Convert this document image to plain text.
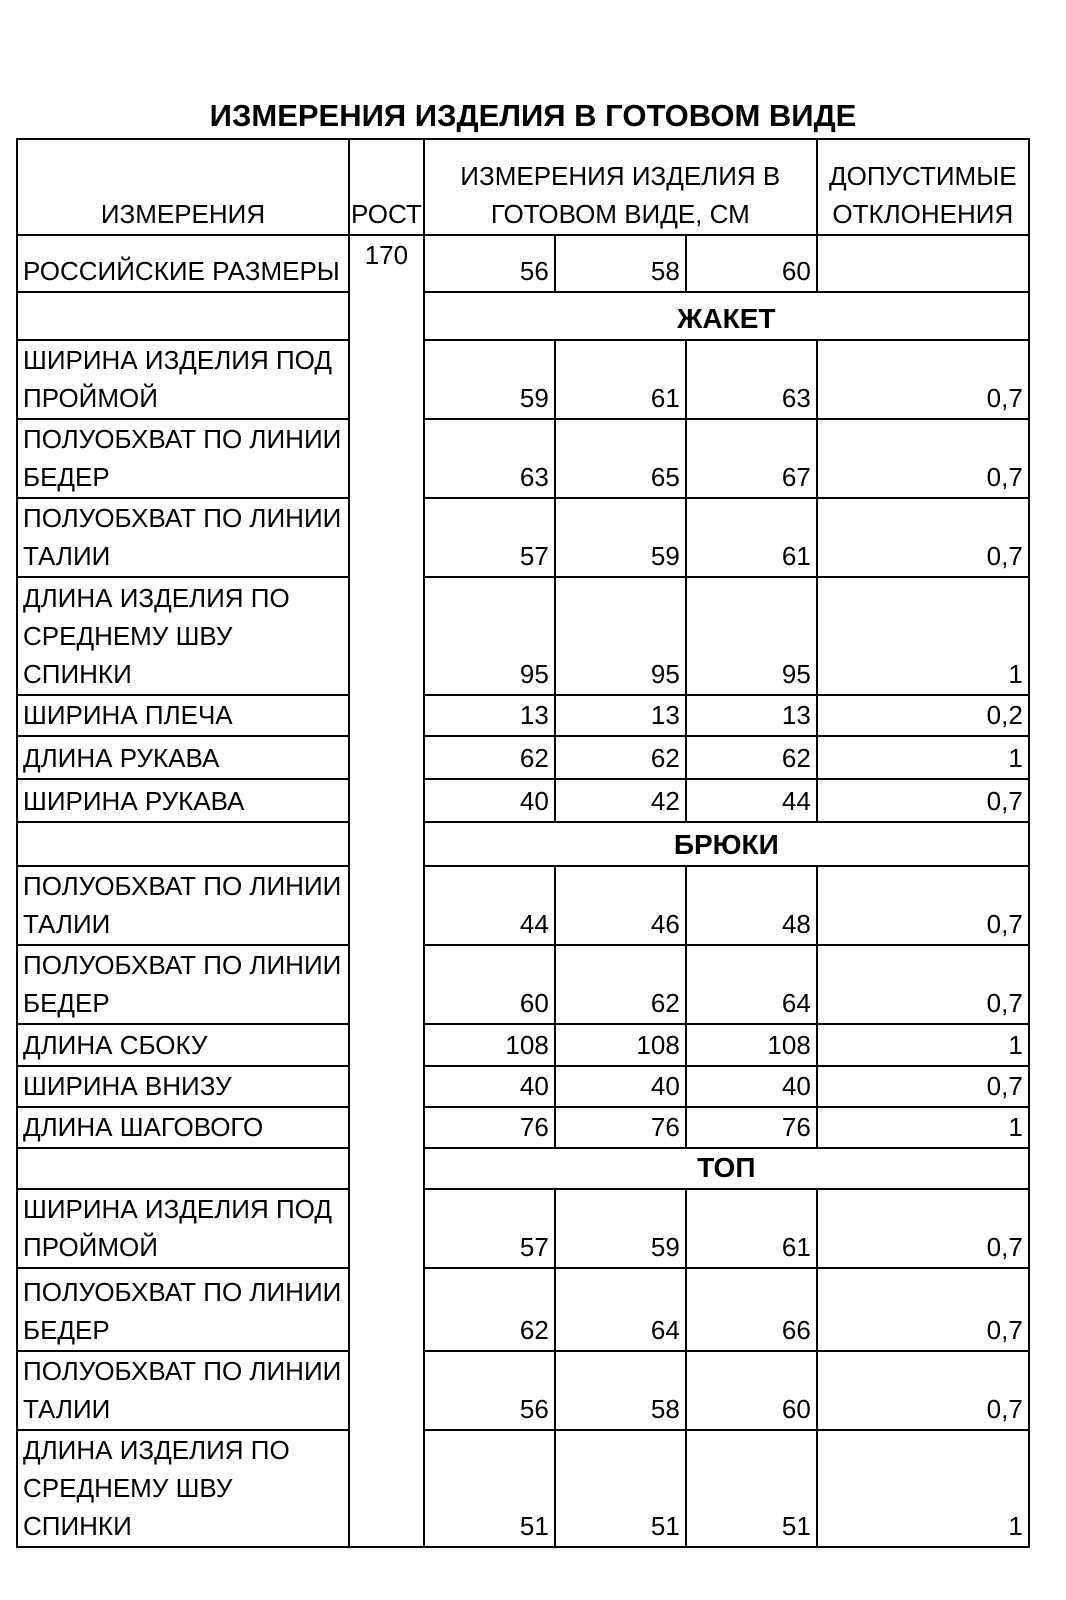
ИЗМЕРЕНИЯ ИЗДЕЛИЯ В ГОТОВОМ ВИДЕ
ИЗМЕРЕНИЯ	РОСТ	ИЗМЕРЕНИЯ ИЗДЕЛИЯ В
ГОТОВОМ ВИДЕ, СМ			ДОПУСТИМЫЕ
ОТКЛОНЕНИЯ

РОССИЙСКИЕ РАЗМЕРЫ	170	56	58	60	
		ЖАКЕТ			

ШИРИНА ИЗДЕЛИЯ ПОД
ПРОЙМОЙ		59	61	63	0,7

ПОЛУОБХВАТ ПО ЛИНИИ
БЕДЕР		63	65	67	0,7

ПОЛУОБХВАТ ПО ЛИНИИ
ТАЛИИ		57	59	61	0,7

ДЛИНА ИЗДЕЛИЯ ПО
СРЕДНЕМУ ШВУ
СПИНКИ		95	95	95	1

ШИРИНА ПЛЕЧА		13	13	13	0,2

ДЛИНА РУКАВА		62	62	62	1

ШИРИНА РУКАВА		40	42	44	0,7
		БРЮКИ			

ПОЛУОБХВАТ ПО ЛИНИИ
ТАЛИИ		44	46	48	0,7

ПОЛУОБХВАТ ПО ЛИНИИ
БЕДЕР		60	62	64	0,7

ДЛИНА СБОКУ		108	108	108	1

ШИРИНА ВНИЗУ		40	40	40	0,7

ДЛИНА ШАГОВОГО		76	76	76	1
		ТОП			

ШИРИНА ИЗДЕЛИЯ ПОД
ПРОЙМОЙ		57	59	61	0,7

ПОЛУОБХВАТ ПО ЛИНИИ
БЕДЕР		62	64	66	0,7

ПОЛУОБХВАТ ПО ЛИНИИ
ТАЛИИ		56	58	60	0,7

ДЛИНА ИЗДЕЛИЯ ПО
СРЕДНЕМУ ШВУ
СПИНКИ		51	51	51	1
